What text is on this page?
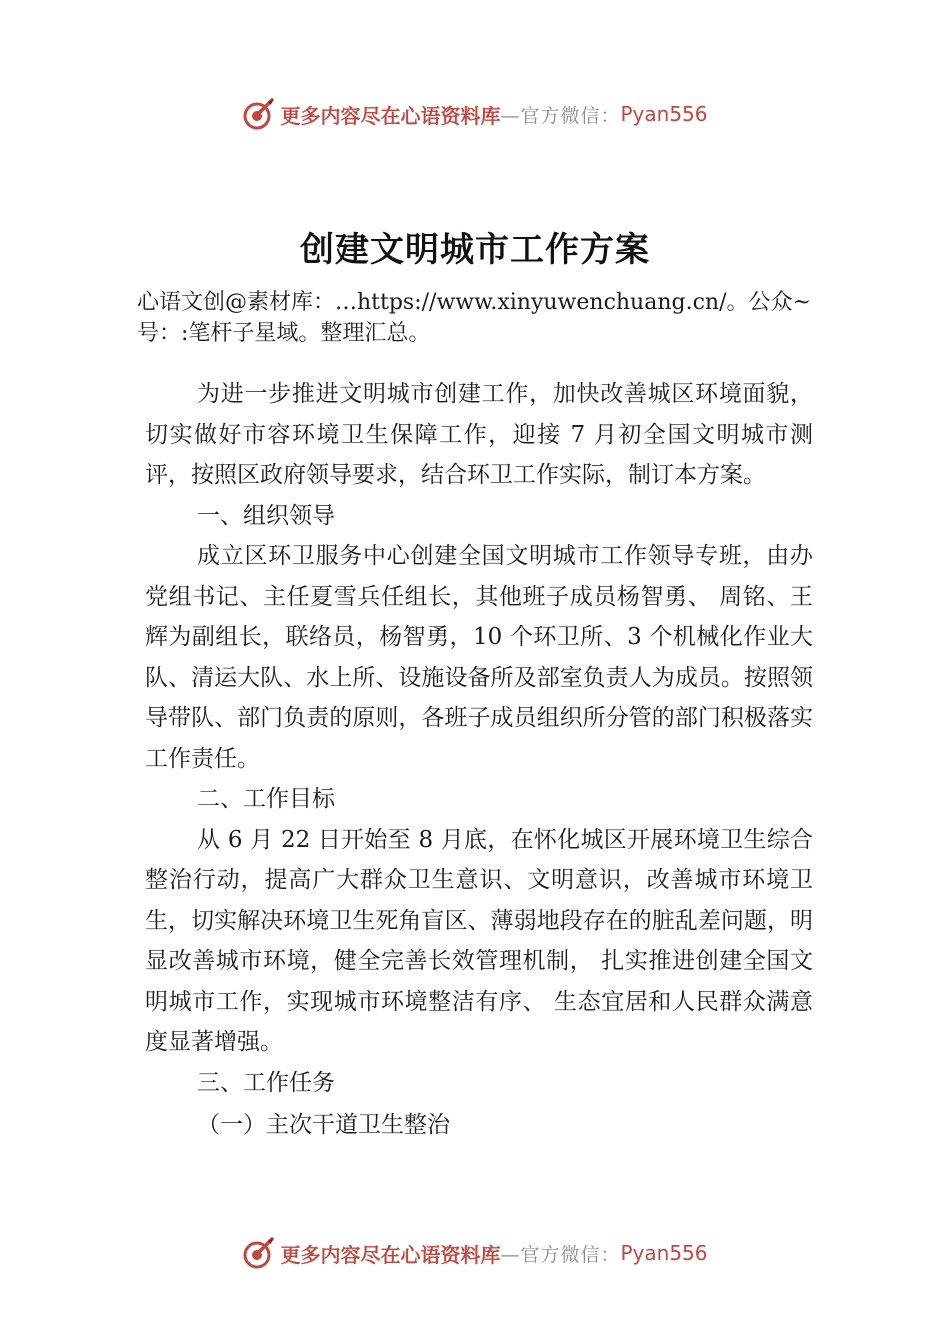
更多内容尽在心语资料库 —官方微信： Pyan556
创建文明城市工作方案
心语文创@素材库：…https://www.xinyuwenchuang.cn/。公众~号：:笔杆子星域。整理汇总。

为进一步推进文明城市创建工作，加快改善城区环境面貌，切实做好市容环境卫生保障工作，迎接 7 月初全国文明城市测评，按照区政府领导要求，结合环卫工作实际，制订本方案。

一、组织领导

成立区环卫服务中心创建全国文明城市工作领导专班，由办党组书记、主任夏雪兵任组长，其他班子成员杨智勇、 周铭、王辉为副组长，联络员，杨智勇，10 个环卫所、3 个机械化作业大队、清运大队、水上所、设施设备所及部室负责人为成员。按照领导带队、部门负责的原则，各班子成员组织所分管的部门积极落实工作责任。

二、工作目标

从 6 月 22 日开始至 8 月底，在怀化城区开展环境卫生综合整治行动，提高广大群众卫生意识、文明意识，改善城市环境卫生，切实解决环境卫生死角盲区、薄弱地段存在的脏乱差问题，明显改善城市环境，健全完善长效管理机制， 扎实推进创建全国文明城市工作，实现城市环境整洁有序、 生态宜居和人民群众满意度显著增强。

三、工作任务

（一）主次干道卫生整治

更多内容尽在心语资料库 —官方微信： Pyan556
